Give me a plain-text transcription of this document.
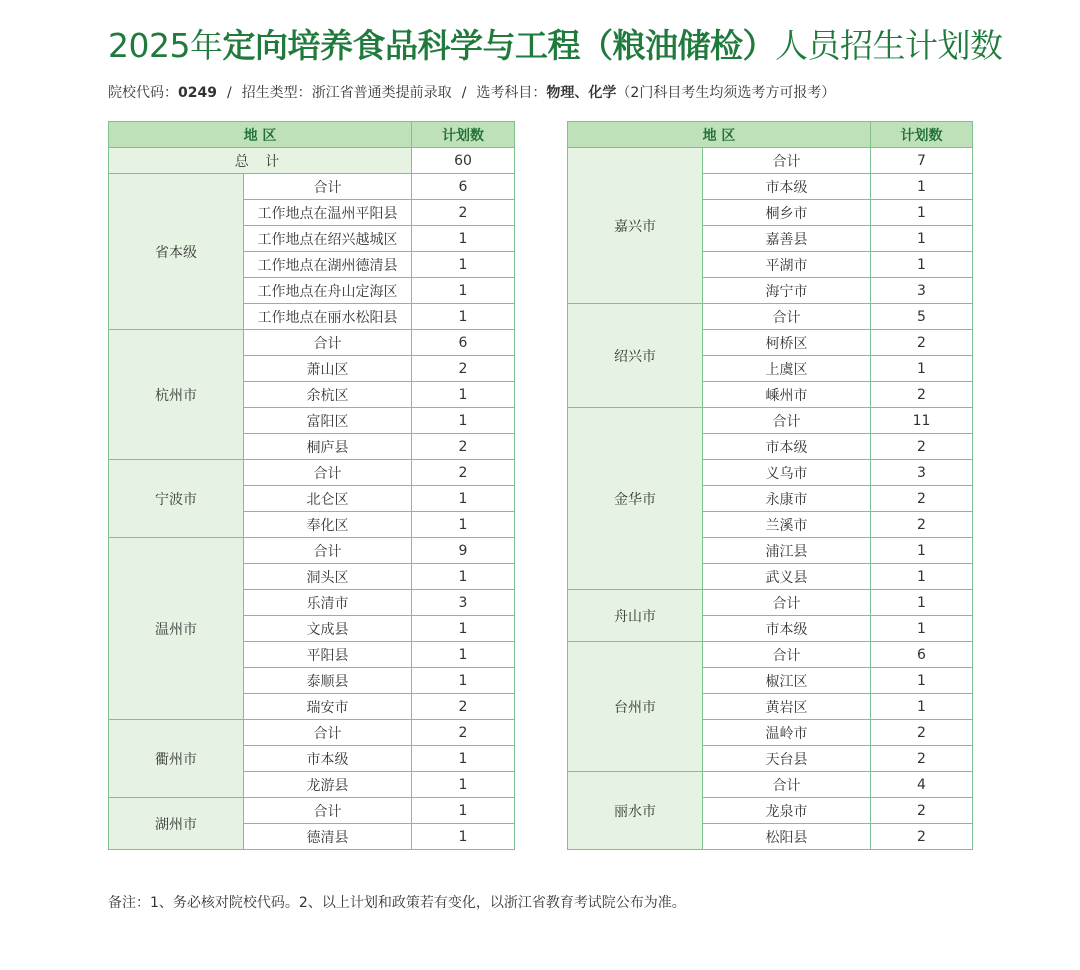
2025年定向培养食品科学与工程（粮油储检）人员招生计划数
院校代码：0249 / 招生类型：浙江省普通类提前录取 / 选考科目：物理、化学（2门科目考生均须选考方可报考）
地 区		计划数
总 计		60
省本级	合计	6
	工作地点在温州平阳县	2
	工作地点在绍兴越城区	1
	工作地点在湖州德清县	1
	工作地点在舟山定海区	1
	工作地点在丽水松阳县	1
杭州市	合计	6
	萧山区	2
	余杭区	1
	富阳区	1
	桐庐县	2
宁波市	合计	2
	北仑区	1
	奉化区	1
温州市	合计	9
	洞头区	1
	乐清市	3
	文成县	1
	平阳县	1
	泰顺县	1
	瑞安市	2
衢州市	合计	2
	市本级	1
	龙游县	1
湖州市	合计	1
	德清县	1
地 区		计划数
嘉兴市	合计	7
	市本级	1
	桐乡市	1
	嘉善县	1
	平湖市	1
	海宁市	3
绍兴市	合计	5
	柯桥区	2
	上虞区	1
	嵊州市	2
金华市	合计	11
	市本级	2
	义乌市	3
	永康市	2
	兰溪市	2
	浦江县	1
	武义县	1
舟山市	合计	1
	市本级	1
台州市	合计	6
	椒江区	1
	黄岩区	1
	温岭市	2
	天台县	2
丽水市	合计	4
	龙泉市	2
	松阳县	2
备注：1、务必核对院校代码。2、以上计划和政策若有变化，以浙江省教育考试院公布为准。
